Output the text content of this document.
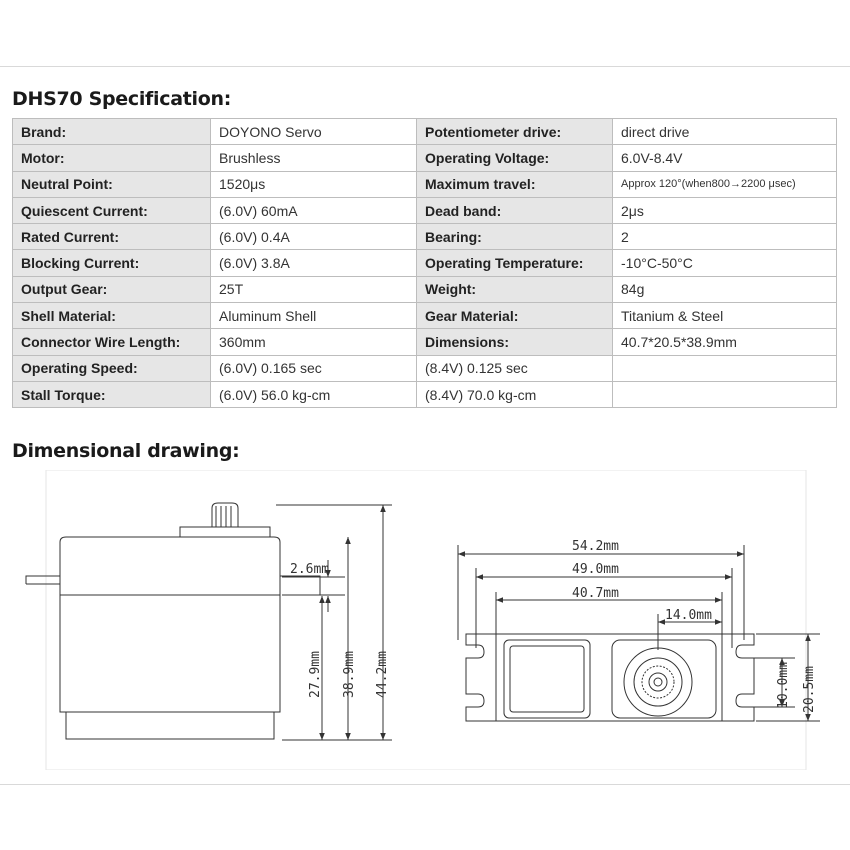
DHS70 Specification:
Brand:	DOYONO Servo	Potentiometer drive:	direct drive
Motor:	Brushless	Operating Voltage:	6.0V-8.4V
Neutral Point:	1520μs	Maximum travel:	Approx 120°(when800→2200 μsec)
Quiescent Current:	(6.0V) 60mA	Dead band:	2μs
Rated Current:	(6.0V) 0.4A	Bearing:	2
Blocking Current:	(6.0V) 3.8A	Operating Temperature:	-10°C-50°C
Output Gear:	25T	Weight:	84g
Shell Material:	Aluminum Shell	Gear Material:	Titanium & Steel
Connector Wire Length:	360mm	Dimensions:	40.7*20.5*38.9mm
Operating Speed:	(6.0V) 0.165 sec	(8.4V) 0.125 sec	
Stall Torque:	(6.0V) 56.0 kg-cm	(8.4V) 70.0 kg-cm	
Dimensional drawing:
2.6mm
27.9mm 38.9mm 44.2mm
54.2mm
49.0mm
40.7mm
14.0mm
10.0mm 20.5mm
